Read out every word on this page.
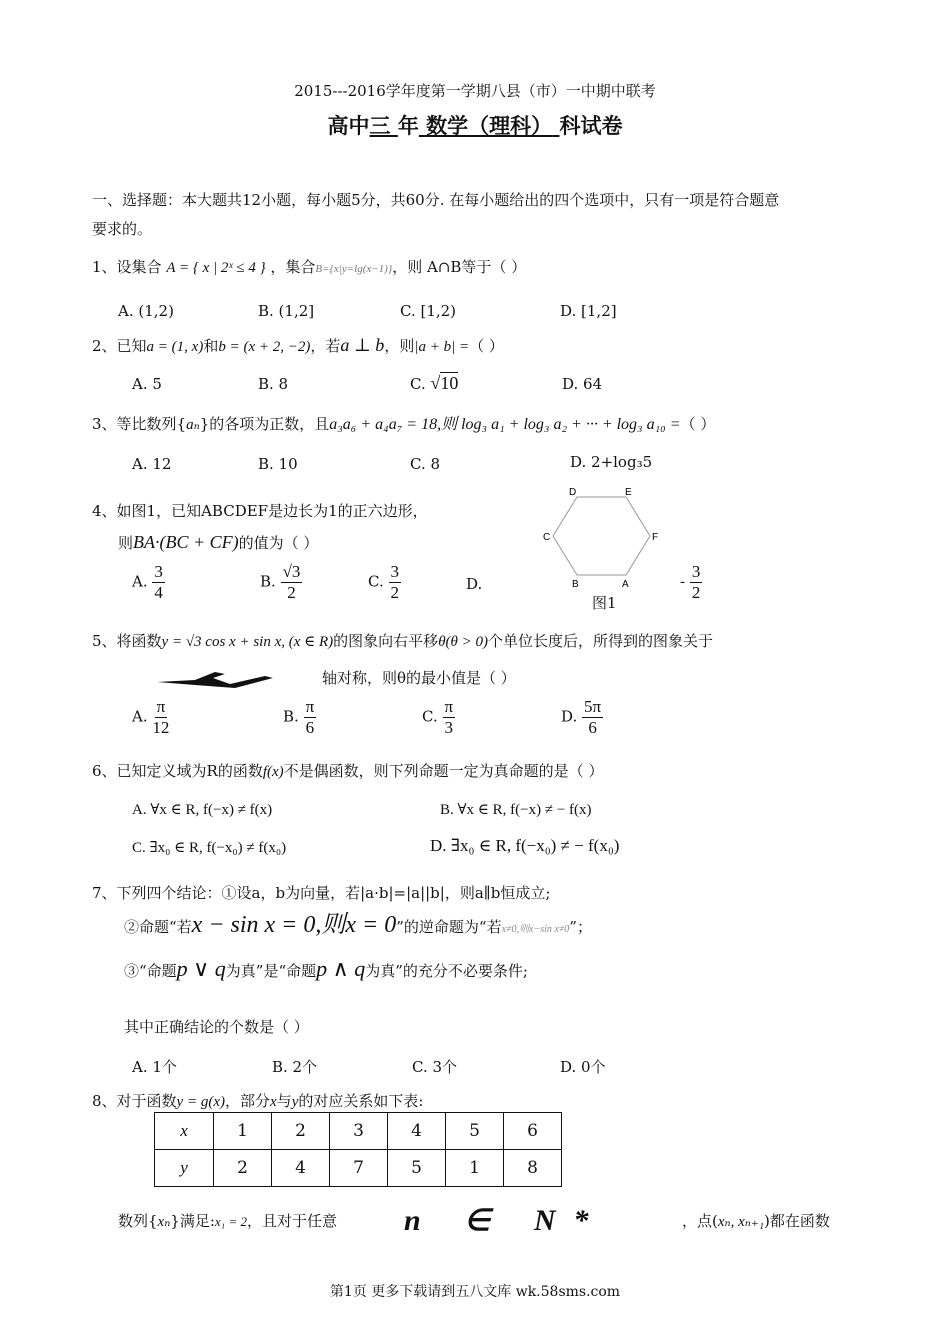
2015---2016学年度第一学期八县（市）一中期中联考
高中三 年 数学（理科） 科试卷
一、选择题：本大题共12小题，每小题5分，共60分. 在每小题给出的四个选项中，只有一项是符合题意
要求的。
1、设集合 A = { x | 2ˣ ≤ 4 } ，集合B={x|y=lg(x−1)}，则 A∩B等于（ ）
A. (1,2)	B. (1,2]	C. [1,2)	D. [1,2]
2、已知a = (1, x)和b = (x + 2, −2)，若a ⊥ b，则|a + b| =（ ）
A. 5	B. 8	C. √10	D. 64
3、等比数列{aₙ}的各项为正数，且a₃a₆ + a₄a₇ = 18,则 log₃ a₁ + log₃ a₂ + ··· + log₃ a₁₀ =（ ）
A. 12	B. 10	C. 8	D. 2+log₃5
4、如图1，已知ABCDEF是边长为1的正六边形，
则BA·(BC + CF)的值为（ ）
A. $\frac{3}{4}$	B. $\frac{√3}{2}$	C. $\frac{3}{2}$	D.	- $\frac{3}{2}$
A
B
C
D	E
F
图1
5、将函数y = √3 cos x + sin x, (x ∈ R)的图象向右平移θ(θ > 0)个单位长度后，所得到的图象关于
轴对称，则θ的最小值是（ ）
A. $\frac{\pi}{12}$	B. $\frac{\pi}{6}$	C. $\frac{\pi}{3}$	D. $\frac{5\pi}{6}$
6、已知定义域为R的函数f(x)不是偶函数，则下列命题一定为真命题的是（ ）
A. ∀x ∈ R, f(−x) ≠ f(x)	B. ∀x ∈ R, f(−x) ≠ − f(x)
C. ∃x₀ ∈ R, f(−x₀) ≠ f(x₀)	D. ∃x₀ ∈ R, f(−x₀) ≠ − f(x₀)
7、下列四个结论：①设a，b为向量，若|a·b|=|a||b|，则a∥b恒成立;
②命题“若x − sin x = 0,则x = 0”的逆命题为“若x≠0,则x−sin x≠0”；
③“命题p ∨ q为真”是“命题p ∧ q为真”的充分不必要条件;
其中正确结论的个数是（ ）
A. 1个	B. 2个	C. 3个	D. 0个
8、对于函数y = g(x)，部分x与y的对应关系如下表:
x	1	2	3	4	5	6
y	2	4	7	5	1	8
数列{xₙ}满足:x₁ = 2，且对于任意 n ∈ N*	，点(xₙ, xₙ₊₁)都在函数
第1页 更多下载请到五八文库 wk.58sms.com
